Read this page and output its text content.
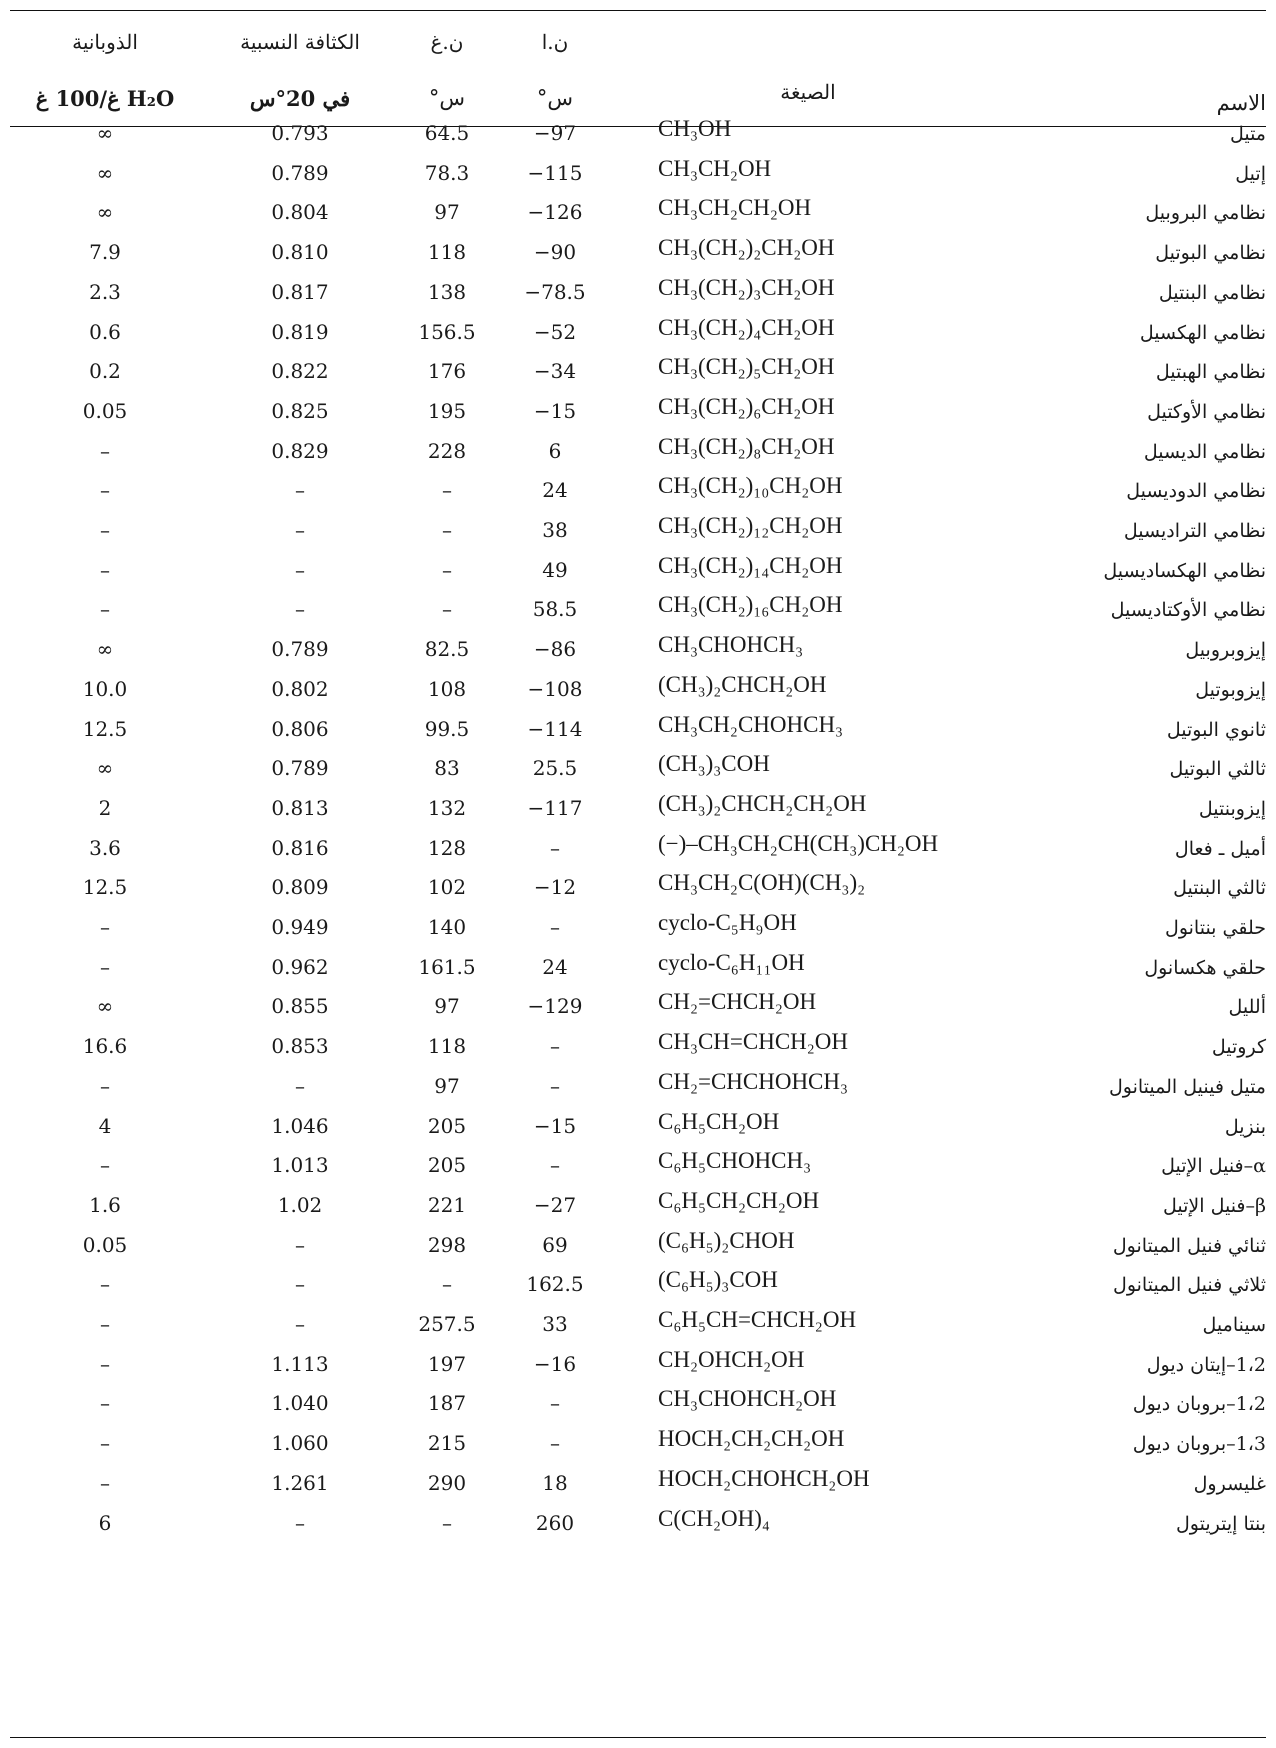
الذوبانية	الكثافة النسبية	ن.غ	ن.ا
غ/100 غ H₂O	في 20°س	°س	°س	الصيغة	الاسم
∞	0.793	64.5	−97	CH₃OH	متيل
∞	0.789	78.3	−115	CH₃CH₂OH	إتيل
∞	0.804	97	−126	CH₃CH₂CH₂OH	نظامي البروبيل
7.9	0.810	118	−90	CH₃(CH₂)₂CH₂OH	نظامي البوتيل
2.3	0.817	138	−78.5	CH₃(CH₂)₃CH₂OH	نظامي البنتيل
0.6	0.819	156.5	−52	CH₃(CH₂)₄CH₂OH	نظامي الهكسيل
0.2	0.822	176	−34	CH₃(CH₂)₅CH₂OH	نظامي الهبتيل
0.05	0.825	195	−15	CH₃(CH₂)₆CH₂OH	نظامي الأوكتيل
–	0.829	228	6	CH₃(CH₂)₈CH₂OH	نظامي الديسيل
–	–	–	24	CH₃(CH₂)₁₀CH₂OH	نظامي الدوديسيل
–	–	–	38	CH₃(CH₂)₁₂CH₂OH	نظامي الترادیسیل
–	–	–	49	CH₃(CH₂)₁₄CH₂OH	نظامي الهكساديسيل
–	–	–	58.5	CH₃(CH₂)₁₆CH₂OH	نظامي الأوكتاديسيل
∞	0.789	82.5	−86	CH₃CHOHCH₃	إيزوبروبيل
10.0	0.802	108	−108	(CH₃)₂CHCH₂OH	إيزوبوتيل
12.5	0.806	99.5	−114	CH₃CH₂CHOHCH₃	ثانوي البوتيل
∞	0.789	83	25.5	(CH₃)₃COH	ثالثي البوتيل
2	0.813	132	−117	(CH₃)₂CHCH₂CH₂OH	إيزوبنتيل
3.6	0.816	128	–	(−)–CH₃CH₂CH(CH₃)CH₂OH	أميل ـ فعال
12.5	0.809	102	−12	CH₃CH₂C(OH)(CH₃)₂	ثالثي البنتيل
–	0.949	140	–	cyclo-C₅H₉OH	حلقي بنتانول
–	0.962	161.5	24	cyclo-C₆H₁₁OH	حلقي هكسانول
∞	0.855	97	−129	CH₂=CHCH₂OH	ألليل
16.6	0.853	118	–	CH₃CH=CHCH₂OH	كروتيل
–	–	97	–	CH₂=CHCHOHCH₃	متيل فينيل الميتانول
4	1.046	205	−15	C₆H₅CH₂OH	بنزيل
–	1.013	205	–	C₆H₅CHOHCH₃	α–فنيل الإتيل
1.6	1.02	221	−27	C₆H₅CH₂CH₂OH	β–فنيل الإتيل
0.05	–	298	69	(C₆H₅)₂CHOH	ثنائي فنيل الميتانول
–	–	–	162.5	(C₆H₅)₃COH	ثلاثي فنيل الميتانول
–	–	257.5	33	C₆H₅CH=CHCH₂OH	سيناميل
–	1.113	197	−16	CH₂OHCH₂OH	1،2–إيتان ديول
–	1.040	187	–	CH₃CHOHCH₂OH	1،2–بروبان ديول
–	1.060	215	–	HOCH₂CH₂CH₂OH	1،3–بروبان ديول
–	1.261	290	18	HOCH₂CHOHCH₂OH	غليسرول
6	–	–	260	C(CH₂OH)₄	بنتا إيتريتول
